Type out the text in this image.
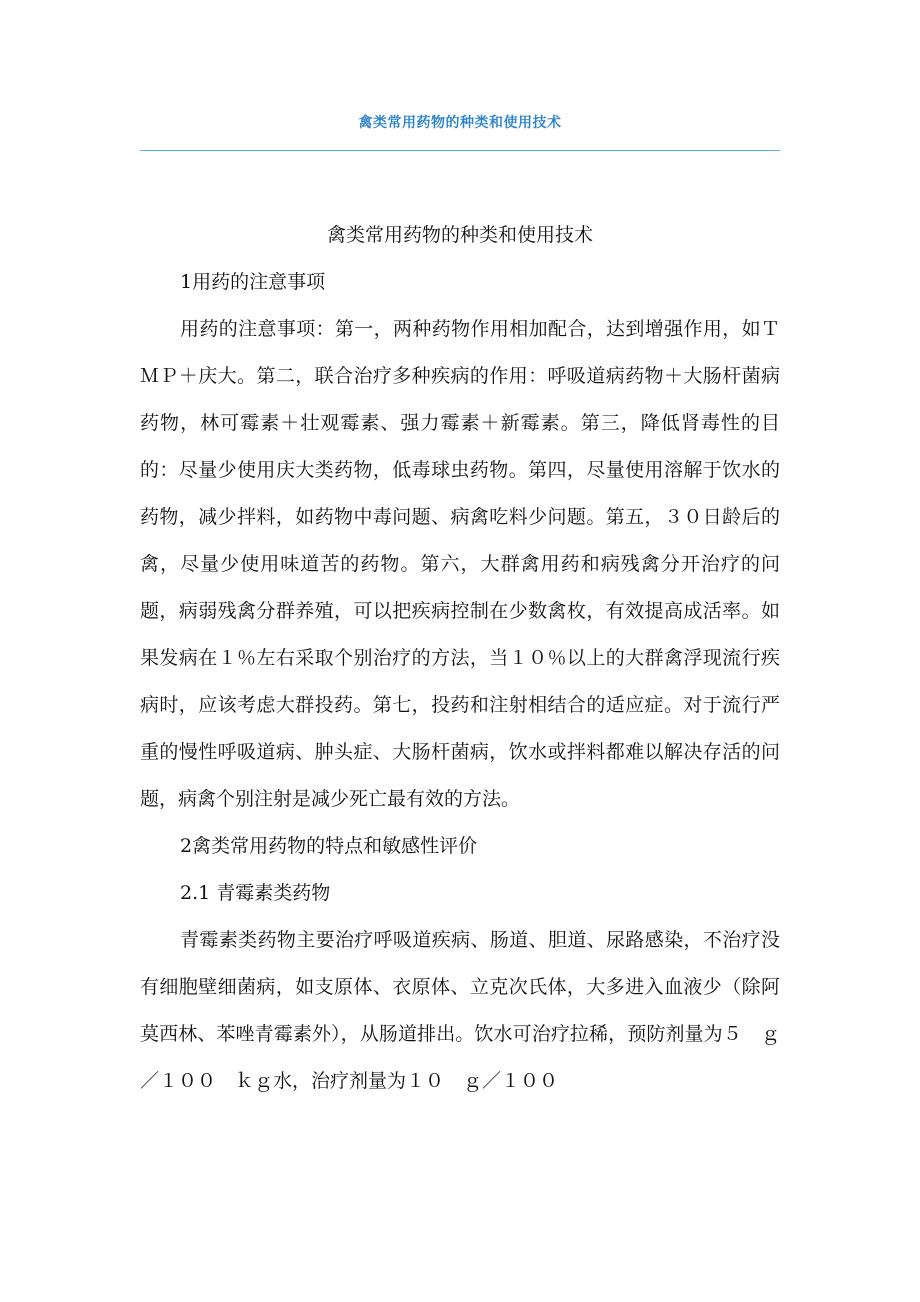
禽类常用药物的种类和使用技术
禽类常用药物的种类和使用技术
1用药的注意事项

用药的注意事项：第一，两种药物作用相加配合，达到增强作用，如ＴＭＰ＋庆大。第二，联合治疗多种疾病的作用：呼吸道病药物＋大肠杆菌病药物，林可霉素＋壮观霉素、强力霉素＋新霉素。第三，降低肾毒性的目的：尽量少使用庆大类药物，低毒球虫药物。第四，尽量使用溶解于饮水的药物，减少拌料，如药物中毒问题、病禽吃料少问题。第五，３０日龄后的禽，尽量少使用味道苦的药物。第六，大群禽用药和病残禽分开治疗的问题，病弱残禽分群养殖，可以把疾病控制在少数禽枚，有效提高成活率。如果发病在１％左右采取个别治疗的方法，当１０％以上的大群禽浮现流行疾病时，应该考虑大群投药。第七，投药和注射相结合的适应症。对于流行严重的慢性呼吸道病、肿头症、大肠杆菌病，饮水或拌料都难以解决存活的问题，病禽个别注射是减少死亡最有效的方法。

2禽类常用药物的特点和敏感性评价
2.1 青霉素类药物

青霉素类药物主要治疗呼吸道疾病、肠道、胆道、尿路感染，不治疗没有细胞壁细菌病，如支原体、衣原体、立克次氏体，大多进入血液少（除阿莫西林、苯唑青霉素外），从肠道排出。饮水可治疗拉稀，预防剂量为５　ｇ／１００　ｋｇ水，治疗剂量为１０　ｇ／１００
